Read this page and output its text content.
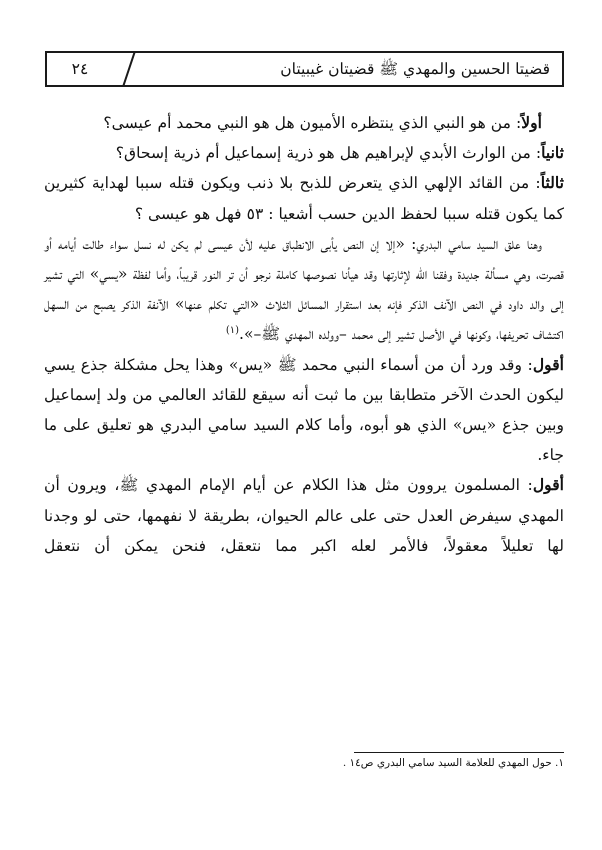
قضيتا الحسين والمهدي ﷺ قضيتان غيبيتان
٢٤

أولاً: من هو النبي الذي ينتظره الأميون هل هو النبي محمد أم عيسى؟

ثانياً: من الوارث الأبدي لإبراهيم هل هو ذرية إسماعيل أم ذرية إسحاق؟

ثالثاً: من القائد الإلهي الذي يتعرض للذبح بلا ذنب ويكون قتله سببا لهداية كثيرين كما يكون قتله سببا لحفظ الدين حسب أشعيا : ٥٣ فهل هو عيسى ؟

وهنا علق السيد سامي البدري: «إلا إن النص يأبى الانطباق عليه لأن عيسى لم يكن له نسل سواء طالت أيامه أو قصرت، وهي مسألة جديدة وفقنا الله لإثارتها وقد هيأنا نصوصها كاملة نرجو أن تر النور قريباً، وأما لفظة «يسي» التي تشير إلى والد داود في النص الآنف الذكر فإنه بعد استقرار المسائل الثلاث «التي تكلم عنها» الآنفة الذكر يصبح من السهل اكتشاف تحريفها، وكونها في الأصل تشير إلى محمد –وولده المهدي ﷺ–».$^{(١)}$

أقول: وقد ورد أن من أسماء النبي محمد ﷺ «يس» وهذا يحل مشكلة جذع يسي ليكون الحدث الآخر متطابقا بين ما ثبت أنه سيقع للقائد العالمي من ولد إسماعيل وبين جذع «يس» الذي هو أبوه، وأما كلام السيد سامي البدري هو تعليق على ما جاء.

أقول: المسلمون يروون مثل هذا الكلام عن أيام الإمام المهدي ﷺ، ويرون أن المهدي سيفرض العدل حتى على عالم الحيوان، بطريقة لا نفهمها، حتى لو وجدنا لها تعليلاً معقولاً، فالأمر لعله اكبر مما نتعقل، فنحن يمكن أن نتعقل

١. حول المهدي للعلامة السيد سامي البدري ص١٤ .
